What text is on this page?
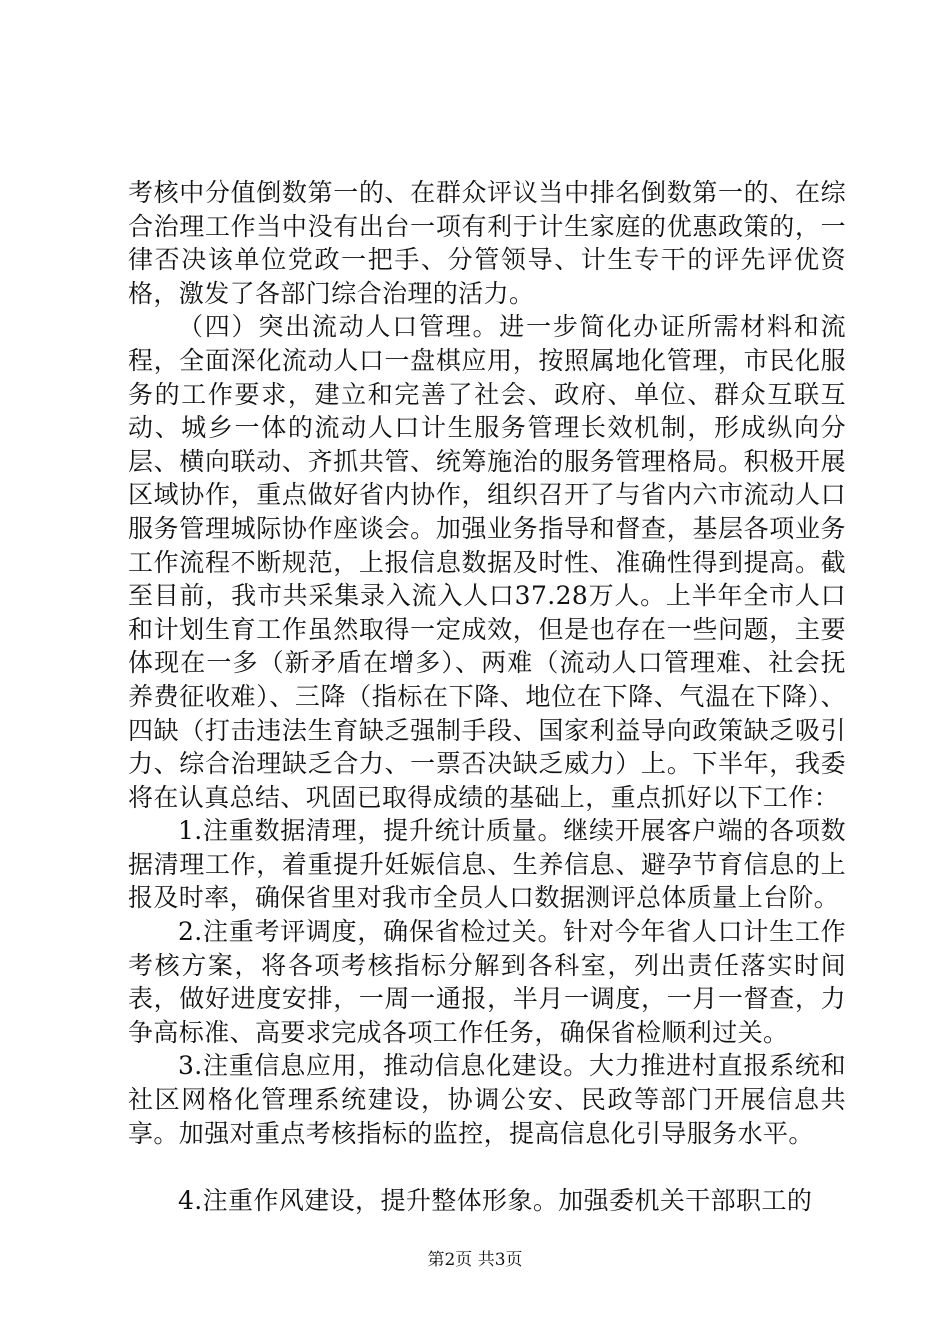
考核中分值倒数第一的、在群众评议当中排名倒数第一的、在综合治理工作当中没有出台一项有利于计生家庭的优惠政策的，一律否决该单位党政一把手、分管领导、计生专干的评先评优资格，激发了各部门综合治理的活力。

（四）突出流动人口管理。进一步简化办证所需材料和流程，全面深化流动人口一盘棋应用，按照属地化管理，市民化服务的工作要求，建立和完善了社会、政府、单位、群众互联互动、城乡一体的流动人口计生服务管理长效机制，形成纵向分层、横向联动、齐抓共管、统筹施治的服务管理格局。积极开展区域协作，重点做好省内协作，组织召开了与省内六市流动人口服务管理城际协作座谈会。加强业务指导和督查，基层各项业务工作流程不断规范，上报信息数据及时性、准确性得到提高。截至目前，我市共采集录入流入人口37.28万人。上半年全市人口和计划生育工作虽然取得一定成效，但是也存在一些问题，主要体现在一多（新矛盾在增多）、两难（流动人口管理难、社会抚养费征收难）、三降（指标在下降、地位在下降、气温在下降）、四缺（打击违法生育缺乏强制手段、国家利益导向政策缺乏吸引力、综合治理缺乏合力、一票否决缺乏威力）上。下半年，我委将在认真总结、巩固已取得成绩的基础上，重点抓好以下工作：

1.注重数据清理，提升统计质量。继续开展客户端的各项数据清理工作，着重提升妊娠信息、生养信息、避孕节育信息的上报及时率，确保省里对我市全员人口数据测评总体质量上台阶。

2.注重考评调度，确保省检过关。针对今年省人口计生工作考核方案，将各项考核指标分解到各科室，列出责任落实时间表，做好进度安排，一周一通报，半月一调度，一月一督查，力争高标准、高要求完成各项工作任务，确保省检顺利过关。

3.注重信息应用，推动信息化建设。大力推进村直报系统和社区网格化管理系统建设，协调公安、民政等部门开展信息共享。加强对重点考核指标的监控，提高信息化引导服务水平。

4.注重作风建设，提升整体形象。加强委机关干部职工的

第2页 共3页
